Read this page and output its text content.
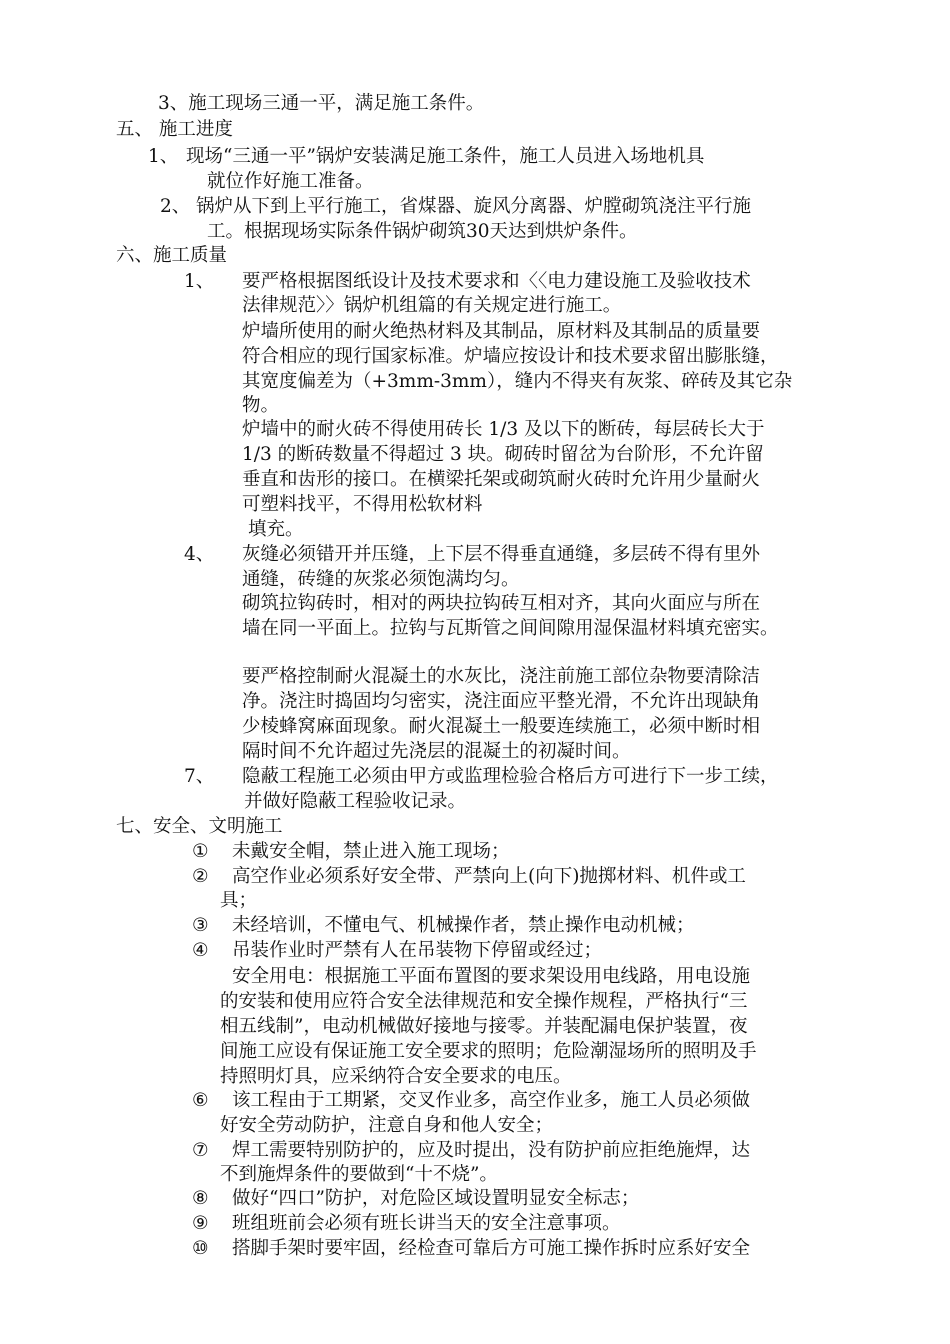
3、施工现场三通一平，满足施工条件。
五、 施工进度
1、 现场“三通一平”锅炉安装满足施工条件，施工人员进入场地机具
就位作好施工准备。
2、 锅炉从下到上平行施工，省煤器、旋风分离器、炉膛砌筑浇注平行施
工。根据现场实际条件锅炉砌筑30天达到烘炉条件。
六、施工质量
1、 要严格根据图纸设计及技术要求和〈〈电力建设施工及验收技术
法律规范〉〉锅炉机组篇的有关规定进行施工。
炉墙所使用的耐火绝热材料及其制品，原材料及其制品的质量要
符合相应的现行国家标准。炉墙应按设计和技术要求留出膨胀缝，
其宽度偏差为（+3mm-3mm），缝内不得夹有灰浆、碎砖及其它杂
物。
炉墙中的耐火砖不得使用砖长 1/3 及以下的断砖，每层砖长大于
1/3 的断砖数量不得超过 3 块。砌砖时留岔为台阶形，不允许留
垂直和齿形的接口。在横梁托架或砌筑耐火砖时允许用少量耐火
可塑料找平，不得用松软材料
填充。
4、 灰缝必须错开并压缝，上下层不得垂直通缝，多层砖不得有里外
通缝，砖缝的灰浆必须饱满均匀。
砌筑拉钩砖时，相对的两块拉钩砖互相对齐，其向火面应与所在
墙在同一平面上。拉钩与瓦斯管之间间隙用湿保温材料填充密实。
要严格控制耐火混凝土的水灰比，浇注前施工部位杂物要清除洁
净。浇注时捣固均匀密实，浇注面应平整光滑，不允许出现缺角
少棱蜂窝麻面现象。耐火混凝土一般要连续施工，必须中断时相
隔时间不允许超过先浇层的混凝土的初凝时间。
7、 隐蔽工程施工必须由甲方或监理检验合格后方可进行下一步工续，
并做好隐蔽工程验收记录。
七、安全、文明施工
① 未戴安全帽，禁止进入施工现场；
② 高空作业必须系好安全带、严禁向上(向下)抛掷材料、机件或工
具；
③ 未经培训，不懂电气、机械操作者，禁止操作电动机械；
④ 吊装作业时严禁有人在吊装物下停留或经过；
安全用电：根据施工平面布置图的要求架设用电线路，用电设施
的安装和使用应符合安全法律规范和安全操作规程，严格执行“三
相五线制”，电动机械做好接地与接零。并装配漏电保护装置，夜
间施工应设有保证施工安全要求的照明；危险潮湿场所的照明及手
持照明灯具，应采纳符合安全要求的电压。
⑥ 该工程由于工期紧，交叉作业多，高空作业多，施工人员必须做
好安全劳动防护，注意自身和他人安全；
⑦ 焊工需要特别防护的，应及时提出，没有防护前应拒绝施焊，达
不到施焊条件的要做到“十不烧”。
⑧ 做好“四口”防护，对危险区域设置明显安全标志；
⑨ 班组班前会必须有班长讲当天的安全注意事项。
⑩ 搭脚手架时要牢固，经检查可靠后方可施工操作拆时应系好安全
